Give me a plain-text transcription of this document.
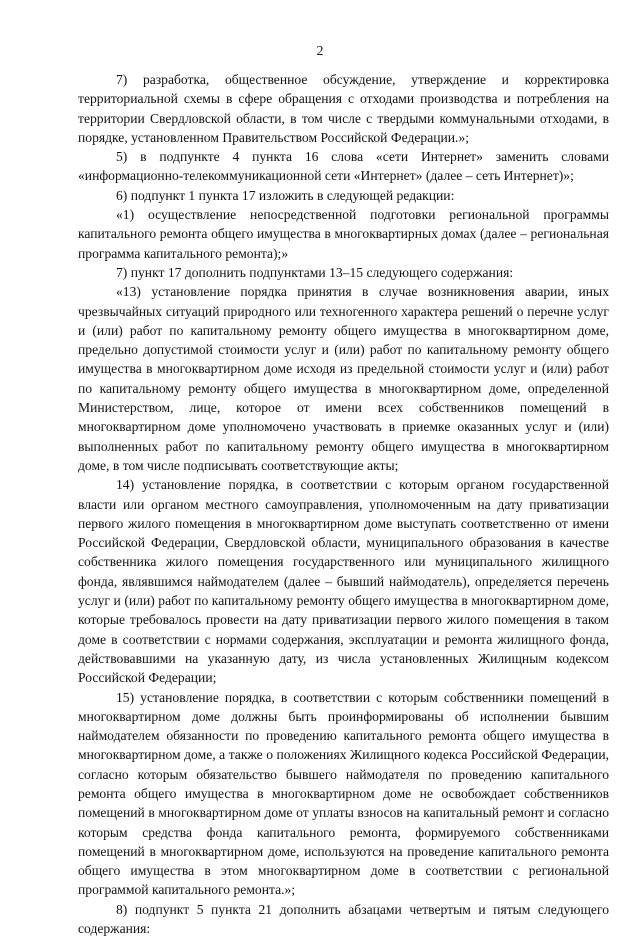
2

7) разработка, общественное обсуждение, утверждение и корректировка территориальной схемы в сфере обращения с отходами производства и потребления на территории Свердловской области, в том числе с твердыми коммунальными отходами, в порядке, установленном Правительством Российской Федерации.»;

5) в подпункте 4 пункта 16 слова «сети Интернет» заменить словами «информационно-телекоммуникационной сети «Интернет» (далее – сеть Интернет)»;

6) подпункт 1 пункта 17 изложить в следующей редакции:

«1) осуществление непосредственной подготовки региональной программы капитального ремонта общего имущества в многоквартирных домах (далее – региональная программа капитального ремонта);»

7) пункт 17 дополнить подпунктами 13–15 следующего содержания:

«13) установление порядка принятия в случае возникновения аварии, иных чрезвычайных ситуаций природного или техногенного характера решений о перечне услуг и (или) работ по капитальному ремонту общего имущества в многоквартирном доме, предельно допустимой стоимости услуг и (или) работ по капитальному ремонту общего имущества в многоквартирном доме исходя из предельной стоимости услуг и (или) работ по капитальному ремонту общего имущества в многоквартирном доме, определенной Министерством, лице, которое от имени всех собственников помещений в многоквартирном доме уполномочено участвовать в приемке оказанных услуг и (или) выполненных работ по капитальному ремонту общего имущества в многоквартирном доме, в том числе подписывать соответствующие акты;

14) установление порядка, в соответствии с которым органом государственной власти или органом местного самоуправления, уполномоченным на дату приватизации первого жилого помещения в многоквартирном доме выступать соответственно от имени Российской Федерации, Свердловской области, муниципального образования в качестве собственника жилого помещения государственного или муниципального жилищного фонда, являвшимся наймодателем (далее – бывший наймодатель), определяется перечень услуг и (или) работ по капитальному ремонту общего имущества в многоквартирном доме, которые требовалось провести на дату приватизации первого жилого помещения в таком доме в соответствии с нормами содержания, эксплуатации и ремонта жилищного фонда, действовавшими на указанную дату, из числа установленных Жилищным кодексом Российской Федерации;

15) установление порядка, в соответствии с которым собственники помещений в многоквартирном доме должны быть проинформированы об исполнении бывшим наймодателем обязанности по проведению капитального ремонта общего имущества в многоквартирном доме, а также о положениях Жилищного кодекса Российской Федерации, согласно которым обязательство бывшего наймодателя по проведению капитального ремонта общего имущества в многоквартирном доме не освобождает собственников помещений в многоквартирном доме от уплаты взносов на капитальный ремонт и согласно которым средства фонда капитального ремонта, формируемого собственниками помещений в многоквартирном доме, используются на проведение капитального ремонта общего имущества в этом многоквартирном доме в соответствии с региональной программой капитального ремонта.»;

8) подпункт 5 пункта 21 дополнить абзацами четвертым и пятым следующего содержания:
